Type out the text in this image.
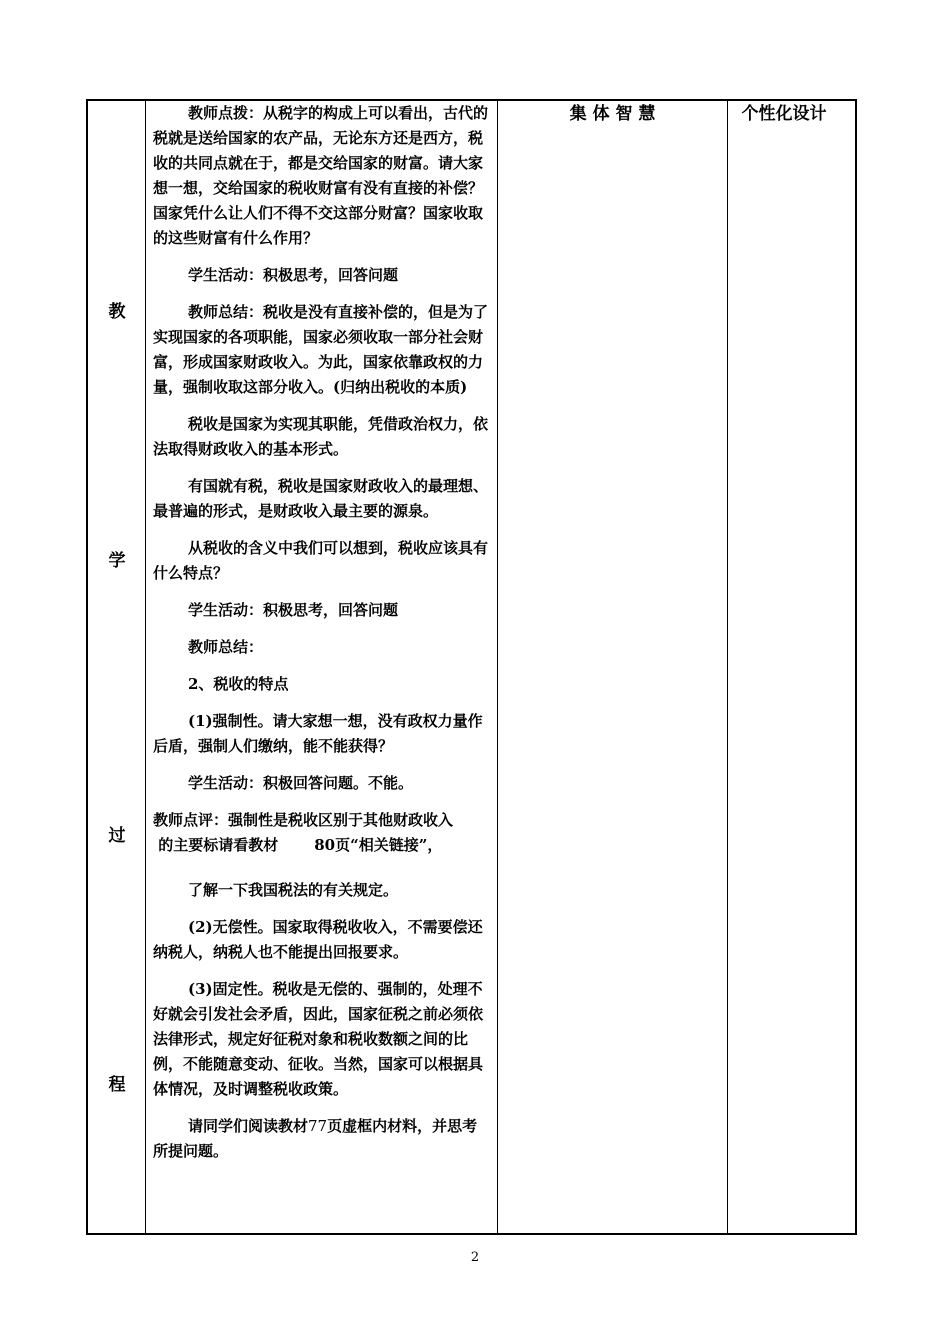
教
学
过
程
集 体 智 慧	个性化设计

教师点拨：从税字的构成上可以看出，古代的税就是送给国家的农产品，无论东方还是西方，税收的共同点就在于，都是交给国家的财富。请大家想一想，交给国家的税收财富有没有直接的补偿？国家凭什么让人们不得不交这部分财富？国家收取的这些财富有什么作用？

学生活动：积极思考，回答问题

教师总结：税收是没有直接补偿的，但是为了实现国家的各项职能，国家必须收取一部分社会财富，形成国家财政收入。为此，国家依靠政权的力量，强制收取这部分收入。(归纳出税收的本质)

税收是国家为实现其职能，凭借政治权力，依法取得财政收入的基本形式。

有国就有税，税收是国家财政收入的最理想、最普遍的形式，是财政收入最主要的源泉。

从税收的含义中我们可以想到，税收应该具有什么特点？

学生活动：积极思考，回答问题

教师总结：

2、税收的特点

(1)强制性。请大家想一想，没有政权力量作后盾，强制人们缴纳，能不能获得？

学生活动：积极回答问题。不能。

教师点评：强制性是税收区别于其他财政收入

的主要标请看教材 80页“相关链接”，

了解一下我国税法的有关规定。

(2)无偿性。国家取得税收收入，不需要偿还纳税人，纳税人也不能提出回报要求。

(3)固定性。税收是无偿的、强制的，处理不好就会引发社会矛盾，因此，国家征税之前必须依法律形式，规定好征税对象和税收数额之间的比例，不能随意变动、征收。当然，国家可以根据具体情况，及时调整税收政策。

请同学们阅读教材77页虚框内材料，并思考所提问题。

2
